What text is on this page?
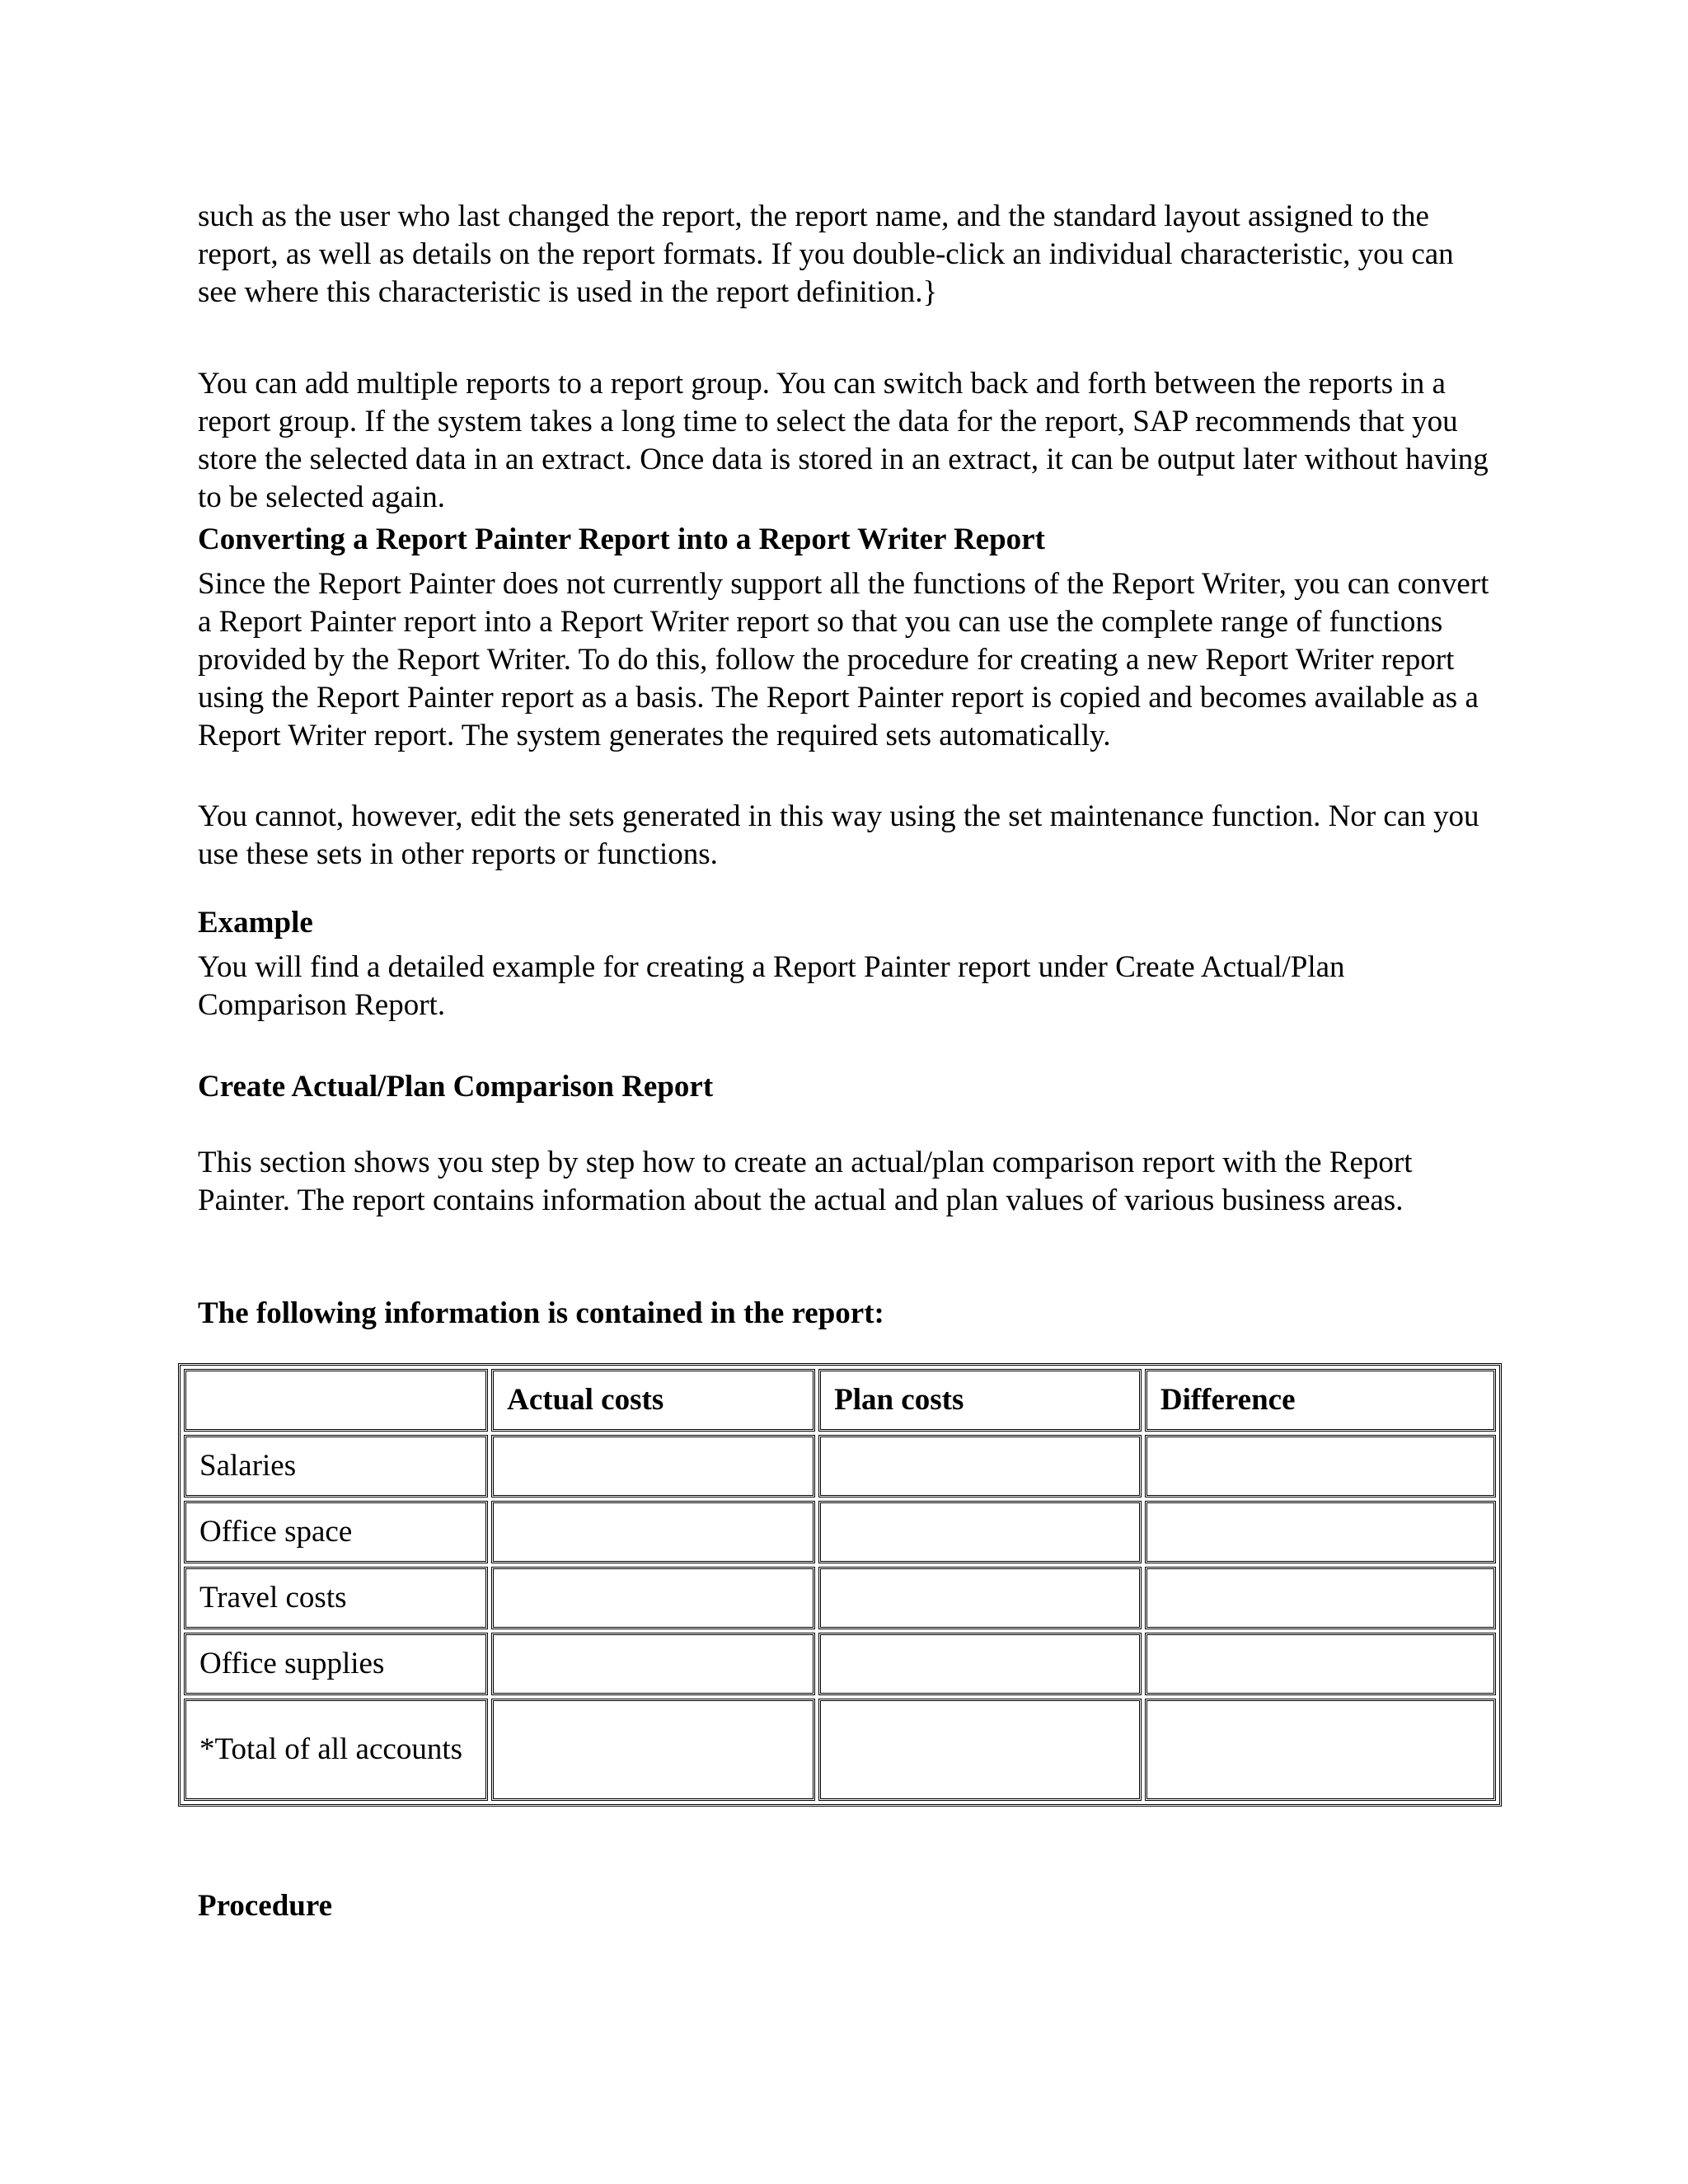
such as the user who last changed the report, the report name, and the standard layout assigned to the report, as well as details on the report formats. If you double-click an individual characteristic, you can see where this characteristic is used in the report definition.}

You can add multiple reports to a report group. You can switch back and forth between the reports in a report group. If the system takes a long time to select the data for the report, SAP recommends that you store the selected data in an extract. Once data is stored in an extract, it can be output later without having to be selected again.

Converting a Report Painter Report into a Report Writer Report

Since the Report Painter does not currently support all the functions of the Report Writer, you can convert a Report Painter report into a Report Writer report so that you can use the complete range of functions provided by the Report Writer. To do this, follow the procedure for creating a new Report Writer report using the Report Painter report as a basis. The Report Painter report is copied and becomes available as a Report Writer report. The system generates the required sets automatically.

You cannot, however, edit the sets generated in this way using the set maintenance function. Nor can you use these sets in other reports or functions.

Example

You will find a detailed example for creating a Report Painter report under Create Actual/Plan Comparison Report.

Create Actual/Plan Comparison Report

This section shows you step by step how to create an actual/plan comparison report with the Report Painter. The report contains information about the actual and plan values of various business areas.

The following information is contained in the report:

Procedure

	Actual costs	Plan costs	Difference
Salaries			
Office space			
Travel costs			
Office supplies			
*Total of all accounts			
